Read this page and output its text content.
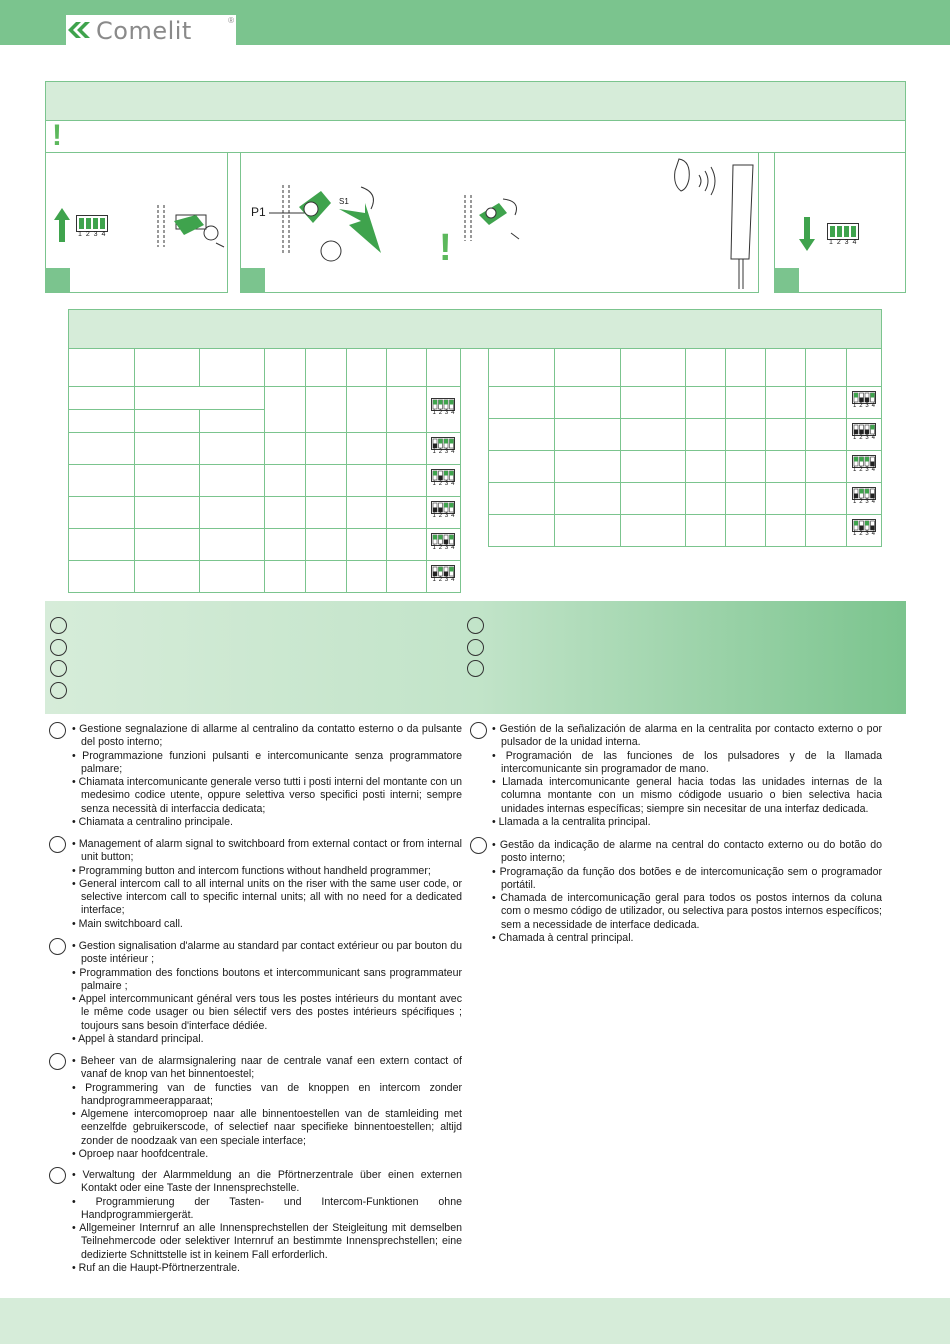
Comelit	®
!
1 2 3 4
P1
S1
!	1 2 3 4

							1 2 3 4

							1 2 3 4

							1 2 3 4

							1 2 3 4

							1 2 3 4

							1 2 3 4

							1 2 3 4

							1 2 3 4

							1 2 3 4

							1 2 3 4

							1 2 3 4
• Gestione segnalazione di allarme al centralino da contatto esterno o da pulsante del posto interno;
• Programmazione funzioni pulsanti e intercomunicante senza programmatore palmare;
• Chiamata intercomunicante generale verso tutti i posti interni del montante con un medesimo codice utente, oppure selettiva verso specifici posti interni; sempre senza necessità di interfaccia dedicata;
• Chiamata a centralino principale.
• Management of alarm signal to switchboard from external contact or from internal unit button;
• Programming button and intercom functions without handheld programmer;
• General intercom call to all internal units on the riser with the same user code, or selective intercom call to specific internal units; all with no need for a dedicated interface;
• Main switchboard call.
• Gestion signalisation d'alarme au standard par contact extérieur ou par bouton du poste intérieur ;
• Programmation des fonctions boutons et intercommunicant sans programmateur palmaire ;
• Appel intercommunicant général vers tous les postes intérieurs du montant avec le même code usager ou bien sélectif vers des postes intérieurs spécifiques ; toujours sans besoin d'interface dédiée.
• Appel à standard principal.
• Beheer van de alarmsignalering naar de centrale vanaf een extern contact of vanaf de knop van het binnentoestel;
• Programmering van de functies van de knoppen en intercom zonder handprogrammeerapparaat;
• Algemene intercomoproep naar alle binnentoestellen van de stamleiding met eenzelfde gebruikerscode, of selectief naar specifieke binnentoestellen; altijd zonder de noodzaak van een speciale interface;
• Oproep naar hoofdcentrale.
• Verwaltung der Alarmmeldung an die Pförtnerzentrale über einen externen Kontakt oder eine Taste der Innensprechstelle.
• Programmierung der Tasten- und Intercom-Funktionen ohne Handprogrammiergerät.
• Allgemeiner Internruf an alle Innensprechstellen der Steigleitung mit demselben Teilnehmercode oder selektiver Internruf an bestimmte Innensprechstellen; eine dedizierte Schnittstelle ist in keinem Fall erforderlich.
• Ruf an die Haupt-Pförtnerzentrale.
• Gestión de la señalización de alarma en la centralita por contacto externo o por pulsador de la unidad interna.
• Programación de las funciones de los pulsadores y de la llamada intercomunicante sin programador de mano.
• Llamada intercomunicante general hacia todas las unidades internas de la columna montante con un mismo códigode usuario o bien selectiva hacia unidades internas específicas; siempre sin necesitar de una interfaz dedicada.
• Llamada a la centralita principal.
• Gestão da indicação de alarme na central do contacto externo ou do botão do posto interno;
• Programação da função dos botões e de intercomunicação sem o programador portátil.
• Chamada de intercomunicação geral para todos os postos internos da coluna com o mesmo código de utilizador, ou selectiva para postos internos específicos; sem a necessidade de interface dedicada.
• Chamada à central principal.
